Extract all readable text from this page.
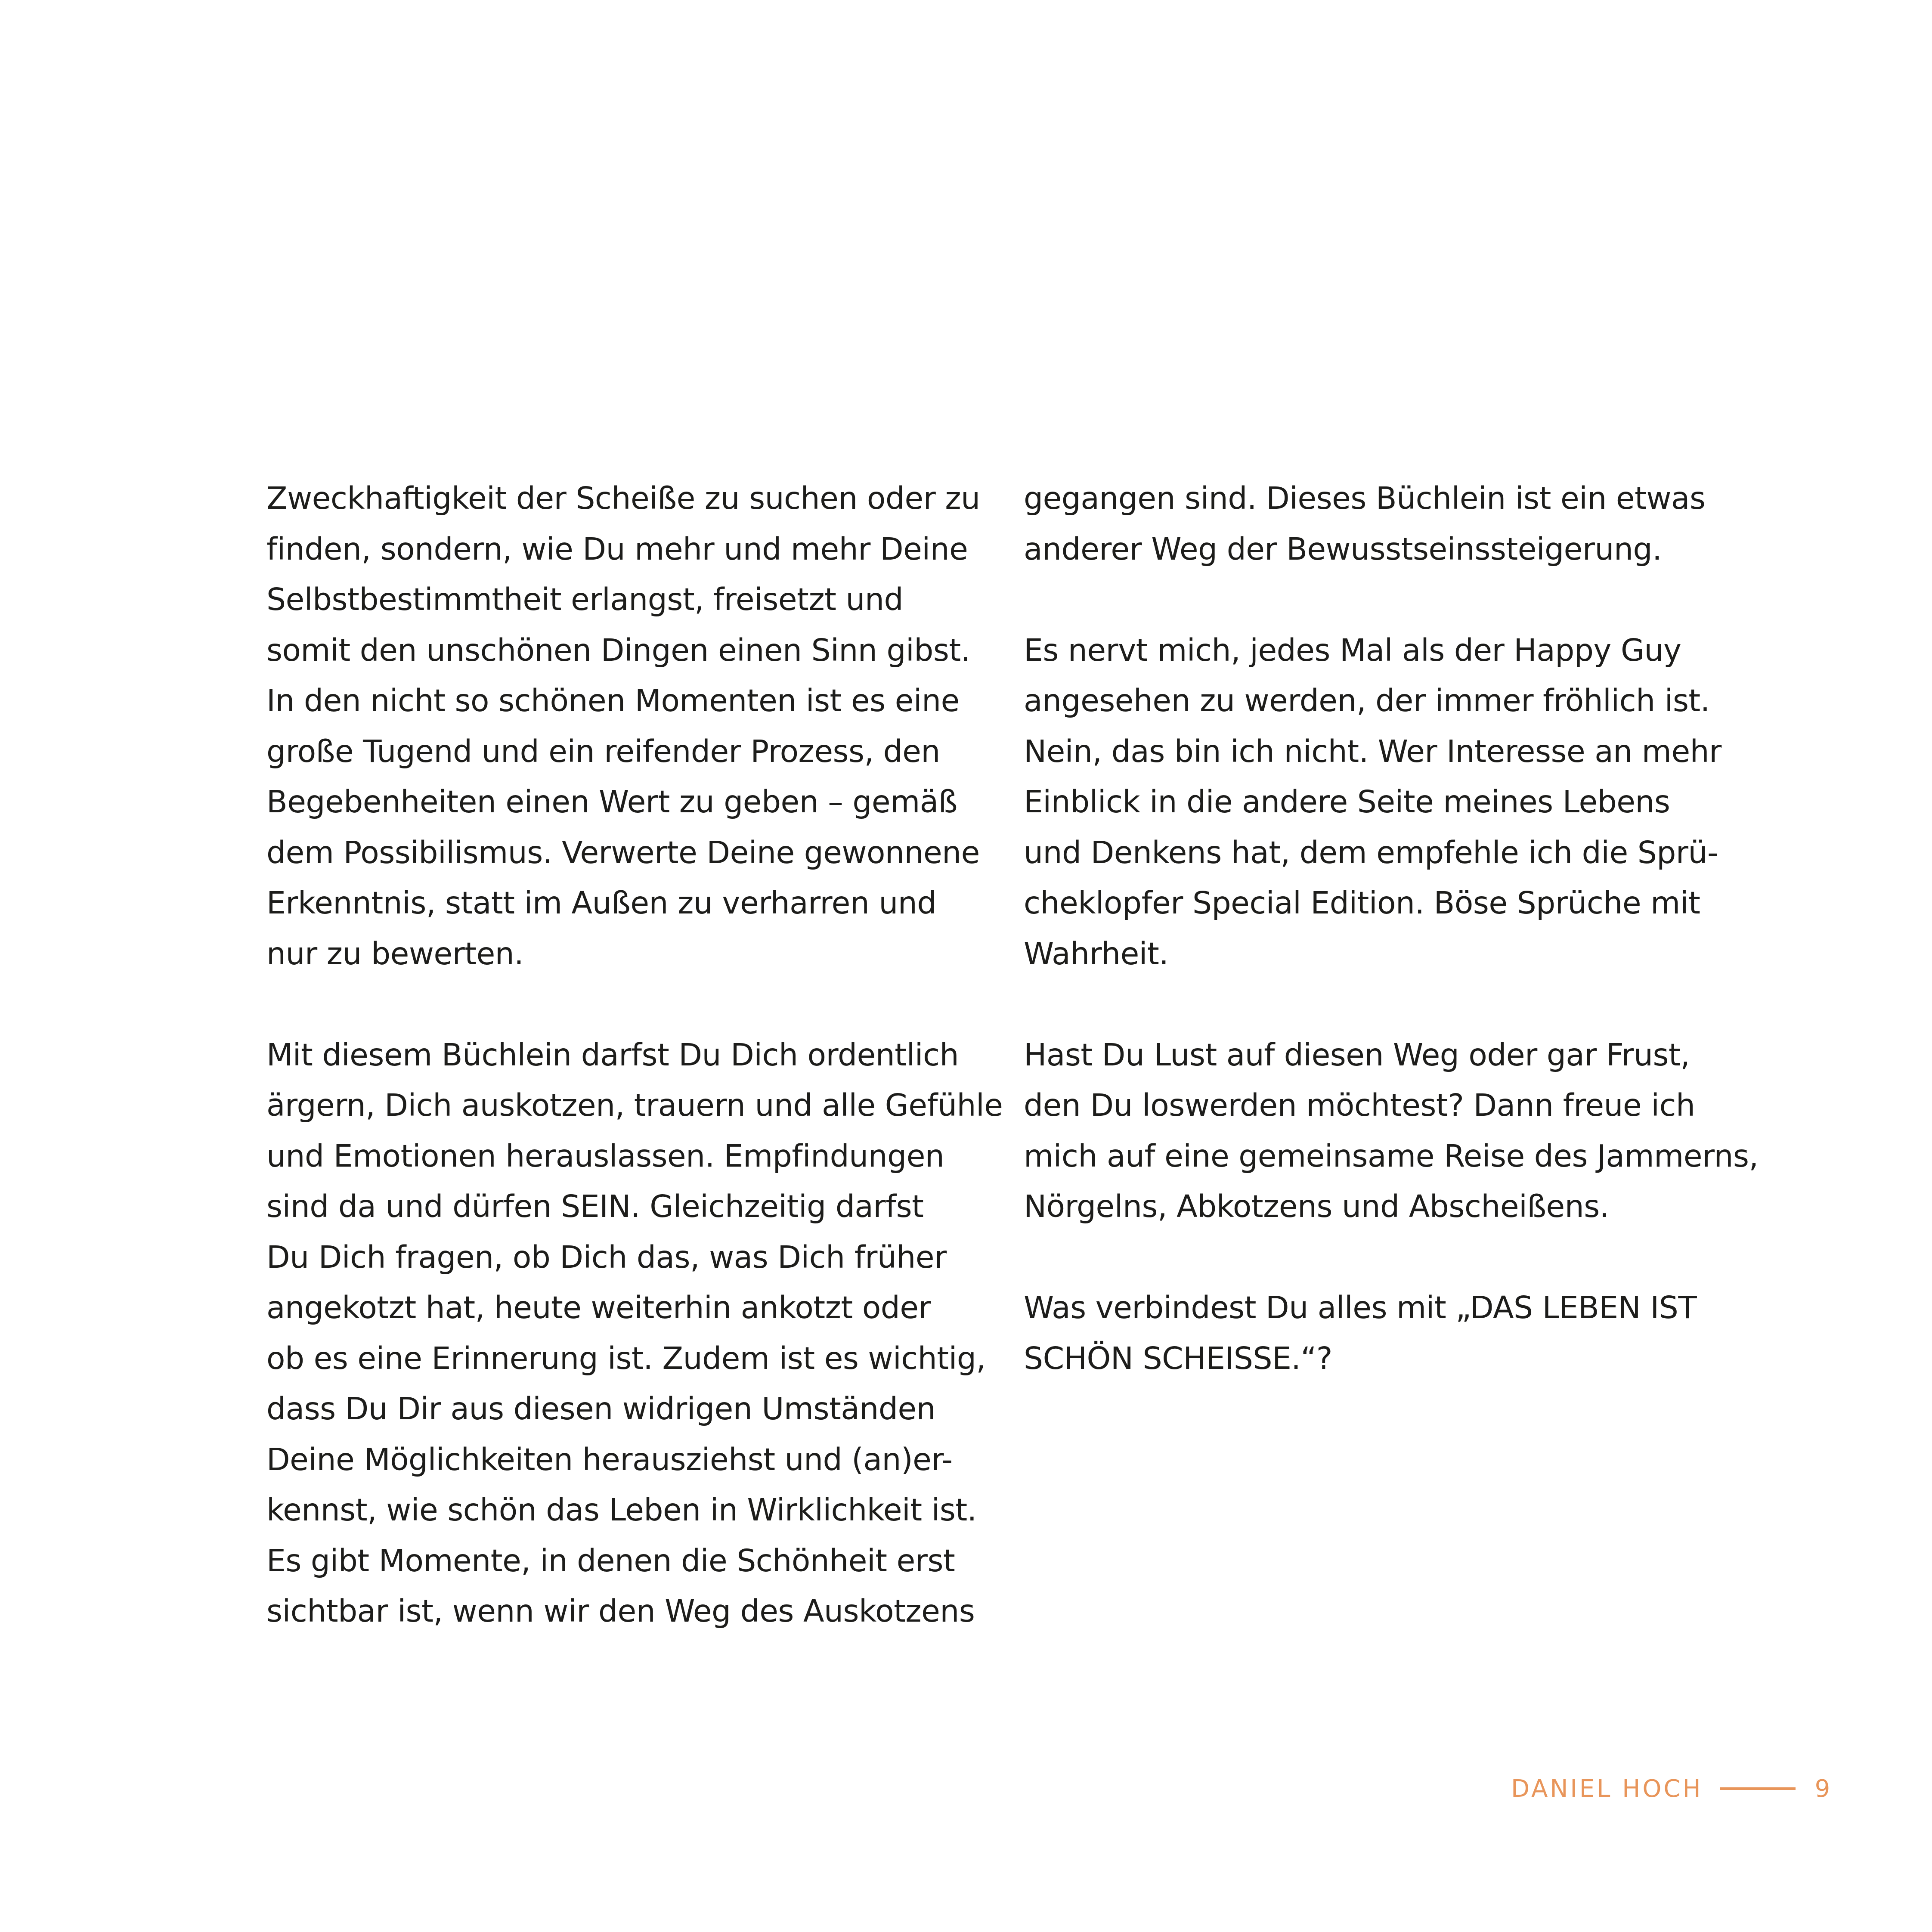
Zweckhaftigkeit der Scheiße zu suchen oder zu
finden, sondern, wie Du mehr und mehr Deine
Selbstbestimmtheit erlangst, freisetzt und
somit den unschönen Dingen einen Sinn gibst.
In den nicht so schönen Momenten ist es eine
große Tugend und ein reifender Prozess, den
Begebenheiten einen Wert zu geben – gemäß
dem Possibilismus. Verwerte Deine gewonnene
Erkenntnis, statt im Außen zu verharren und
nur zu bewerten.
Mit diesem Büchlein darfst Du Dich ordentlich
ärgern, Dich auskotzen, trauern und alle Gefühle
und Emotionen herauslassen. Empfindungen
sind da und dürfen SEIN. Gleichzeitig darfst
Du Dich fragen, ob Dich das, was Dich früher
angekotzt hat, heute weiterhin ankotzt oder
ob es eine Erinnerung ist. Zudem ist es wichtig,
dass Du Dir aus diesen widrigen Umständen
Deine Möglichkeiten herausziehst und (an)er-
kennst, wie schön das Leben in Wirklichkeit ist.
Es gibt Momente, in denen die Schönheit erst
sichtbar ist, wenn wir den Weg des Auskotzens
gegangen sind. Dieses Büchlein ist ein etwas
anderer Weg der Bewusstseinssteigerung.
Es nervt mich, jedes Mal als der Happy Guy
angesehen zu werden, der immer fröhlich ist.
Nein, das bin ich nicht. Wer Interesse an mehr
Einblick in die andere Seite meines Lebens
und Denkens hat, dem empfehle ich die Sprü-
cheklopfer Special Edition. Böse Sprüche mit
Wahrheit.
Hast Du Lust auf diesen Weg oder gar Frust,
den Du loswerden möchtest? Dann freue ich
mich auf eine gemeinsame Reise des Jammerns,
Nörgelns, Abkotzens und Abscheißens.
Was verbindest Du alles mit „DAS LEBEN IST
SCHÖN SCHEISSE.“?
DANIEL HOCH	9
